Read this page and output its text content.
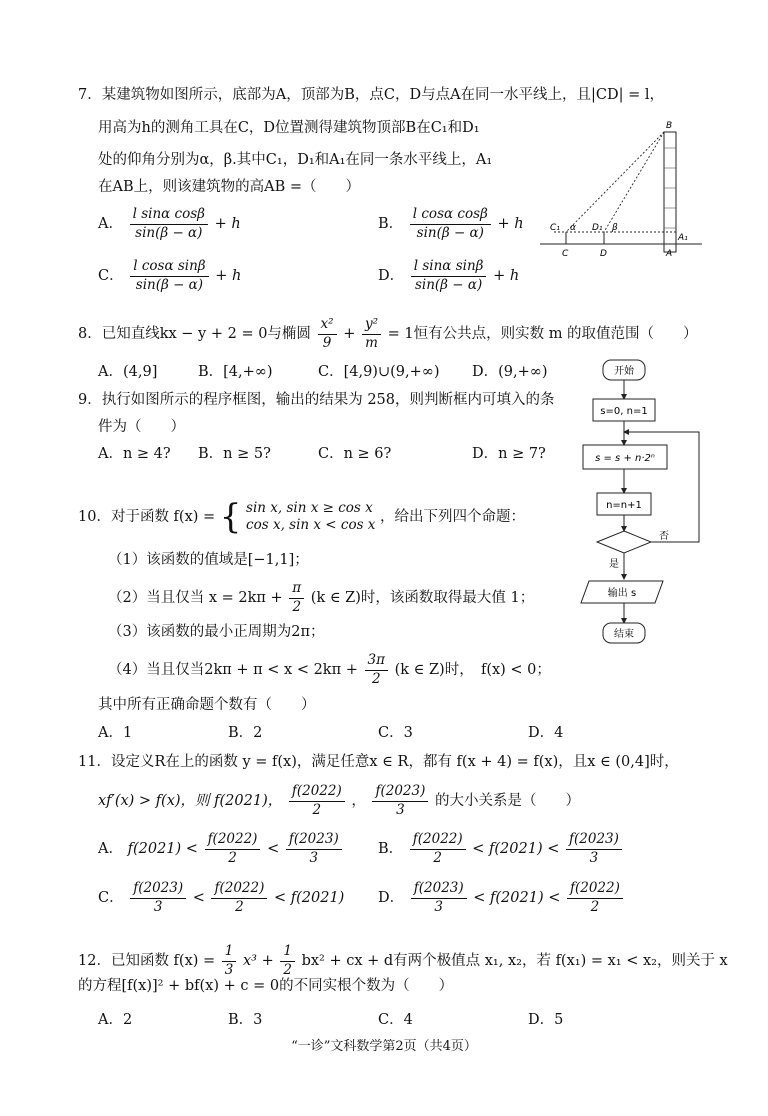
7．某建筑物如图所示，底部为A，顶部为B，点C，D与点A在同一水平线上，且|CD| = l，
用高为h的测角工具在C，D位置测得建筑物顶部B在C₁和D₁
处的仰角分别为α，β.其中C₁，D₁和A₁在同一条水平线上，A₁
在AB上，则该建筑物的高AB =（　　）
A． $\frac{\text{l sinα cosβ}}{\sin(\beta - \alpha)} + h$	B． $\frac{\text{l cosα cosβ}}{\sin(\beta - \alpha)} + h$
C． $\frac{\text{l cosα sinβ}}{\sin(\beta - \alpha)} + h$	D． $\frac{\text{l sinα sinβ}}{\sin(\beta - \alpha)} + h$
B
C₁ α D₁ β
A₁
C	D	A
8．已知直线kx − y + 2 = 0与椭圆 $\frac{\text{x²}}{9} + \frac{\text{y²}}{m} = 1$恒有公共点，则实数 m 的取值范围（　　）
A．(4,9]	B．[4,+∞)	C．[4,9)∪(9,+∞) D．(9,+∞)
9．执行如图所示的程序框图，输出的结果为 258，则判断框内可填入的条
件为（　　）
A．n ≥ 4? B．n ≥ 5?	C．n ≥ 6?	D．n ≥ 7?
开始
s=0, n=1
s = s + n·2ⁿ
n=n+1
否
是
输出 s
结束
10．对于函数 f(x) = { sin x, sin x ≥ cos x
cos x, sin x < cos x ，给出下列四个命题：
（1）该函数的值域是[−1,1]；
（2）当且仅当 $x = 2k\pi + \frac{\pi}{2} (k$ ∈ Z)时，该函数取得最大值 1；
（3）该函数的最小正周期为2π；
（4）当且仅当$2k\pi + \pi < x < 2k\pi + \frac{3\pi}{2} (k$ ∈ Z)时，　f(x) < 0；
其中所有正确命题个数有（　　）
A．1	B．2	C．3	D．4
11．设定义R在上的函数 y = f(x)，满足任意x ∈ R，都有 f(x + 4) = f(x)，且x ∈ (0,4]时，
xf′(x) > f(x)，则 f(2021)， $\frac{f(2022)}{2}$ ， $\frac{f(2023)}{3}$ 的大小关系是（　　）
A． $f(2021) < \frac{f(2022)}{2} < \frac{f(2023)}{3}$	B． $\frac{f(2022)}{2} < f(2021) < \frac{f(2023)}{3}$
C． $\frac{f(2023)}{3} < \frac{f(2022)}{2} < f(2021)$ D． $\frac{f(2023)}{3} < f(2021) < \frac{f(2022)}{2}$
12．已知函数 $f(x) = \frac{1}{3} x^3 + \frac{1}{2} bx^2$ + cx + d有两个极值点 x₁, x₂，若 f(x₁) = x₁ < x₂，则关于 x
的方程[f(x)]² + bf(x) + c = 0的不同实根个数为（　　）
A．2	B．3	C．4	D．5
“一诊”文科数学第2页（共4页）
